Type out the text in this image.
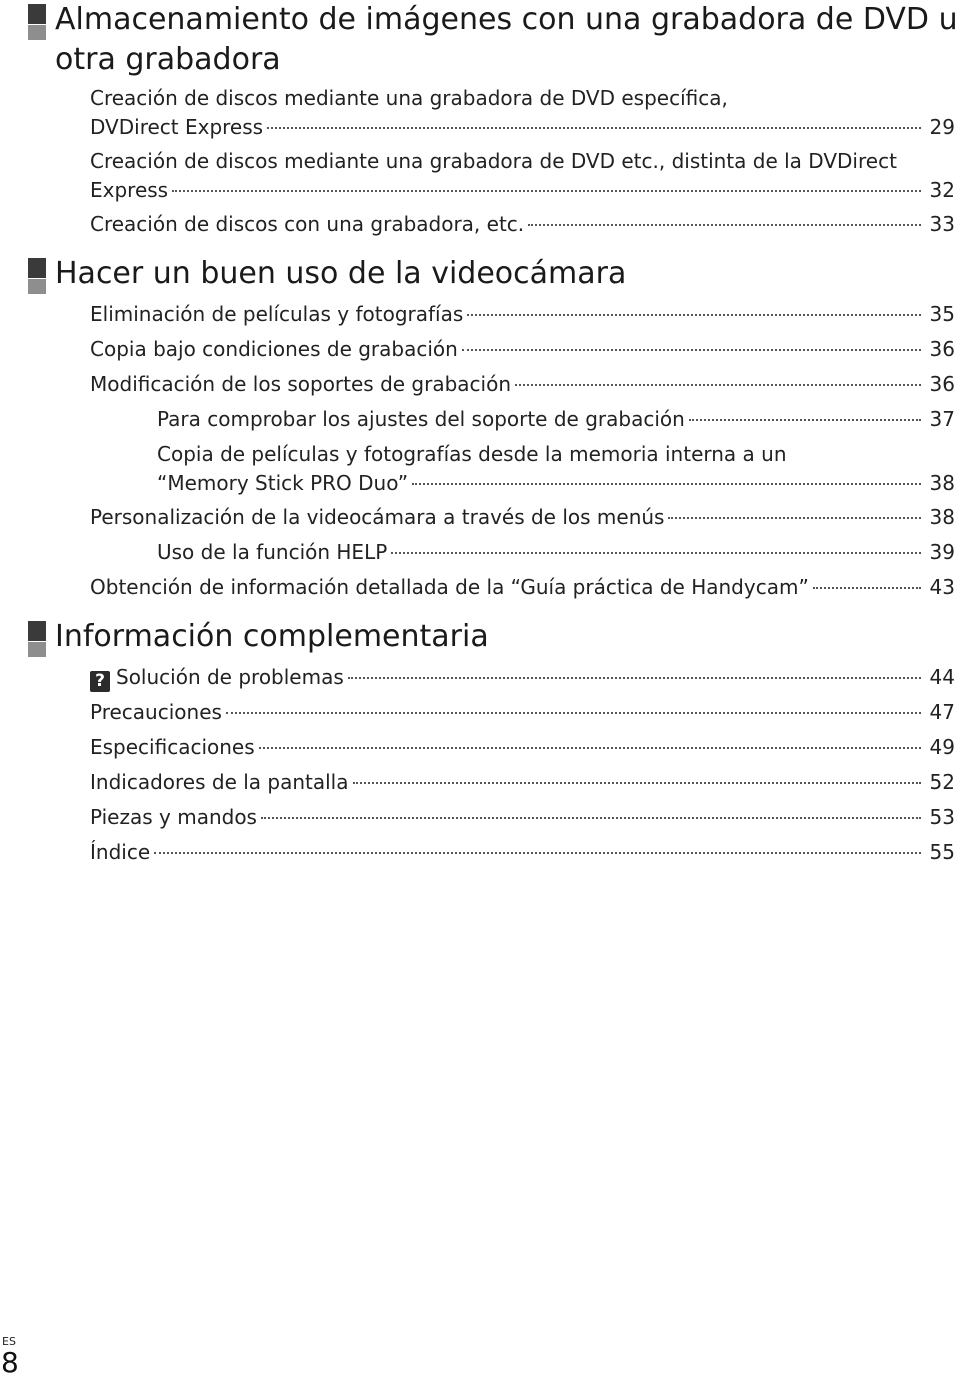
Almacenamiento de imágenes con una grabadora de DVD u
otra grabadora
Creación de discos mediante una grabadora de DVD específica,
DVDirect Express	29
Creación de discos mediante una grabadora de DVD etc., distinta de la DVDirect
Express	32
Creación de discos con una grabadora, etc.	33
Hacer un buen uso de la videocámara
Eliminación de películas y fotografías	35
Copia bajo condiciones de grabación	36
Modificación de los soportes de grabación	36
Para comprobar los ajustes del soporte de grabación	37
Copia de películas y fotografías desde la memoria interna a un
“Memory Stick PRO Duo”	38
Personalización de la videocámara a través de los menús	38
Uso de la función HELP	39
Obtención de información detallada de la “Guía práctica de Handycam”	43
Información complementaria
? Solución de problemas	44
Precauciones	47
Especificaciones	49
Indicadores de la pantalla	52
Piezas y mandos	53
Índice	55
ES
8
